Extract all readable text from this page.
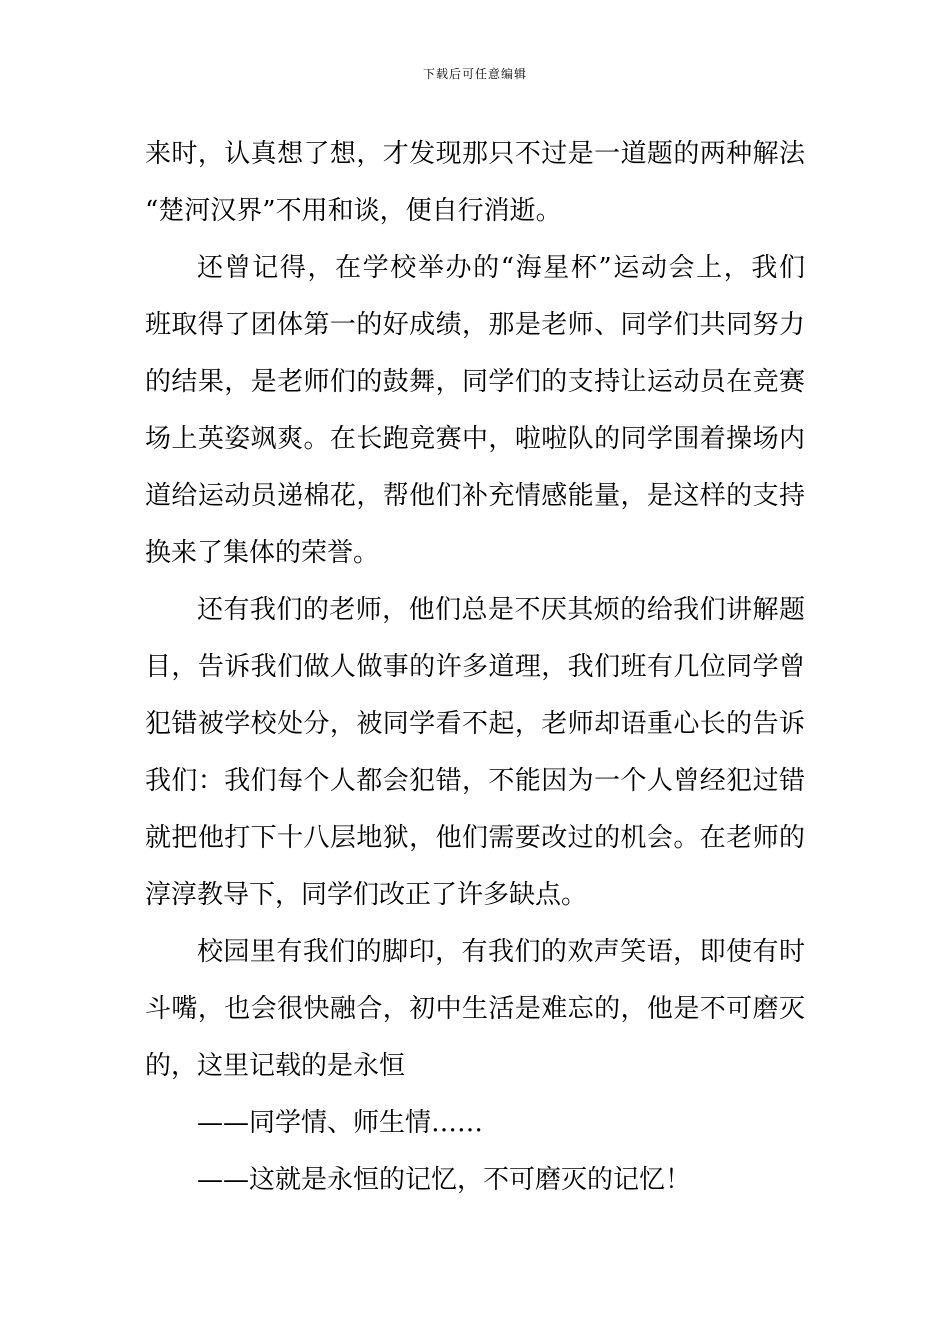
下载后可任意编辑
来时，认真想了想，才发现那只不过是一道题的两种解法
“楚河汉界”不用和谈，便自行消逝。
还曾记得，在学校举办的“海星杯”运动会上，我们
班取得了团体第一的好成绩，那是老师、同学们共同努力
的结果，是老师们的鼓舞，同学们的支持让运动员在竞赛
场上英姿飒爽。在长跑竞赛中，啦啦队的同学围着操场内
道给运动员递棉花，帮他们补充情感能量，是这样的支持
换来了集体的荣誉。
还有我们的老师，他们总是不厌其烦的给我们讲解题
目，告诉我们做人做事的许多道理，我们班有几位同学曾
犯错被学校处分，被同学看不起，老师却语重心长的告诉
我们：我们每个人都会犯错，不能因为一个人曾经犯过错
就把他打下十八层地狱，他们需要改过的机会。在老师的
淳淳教导下，同学们改正了许多缺点。
校园里有我们的脚印，有我们的欢声笑语，即使有时
斗嘴，也会很快融合，初中生活是难忘的，他是不可磨灭
的，这里记载的是永恒
——同学情、师生情……
——这就是永恒的记忆，不可磨灭的记忆！
